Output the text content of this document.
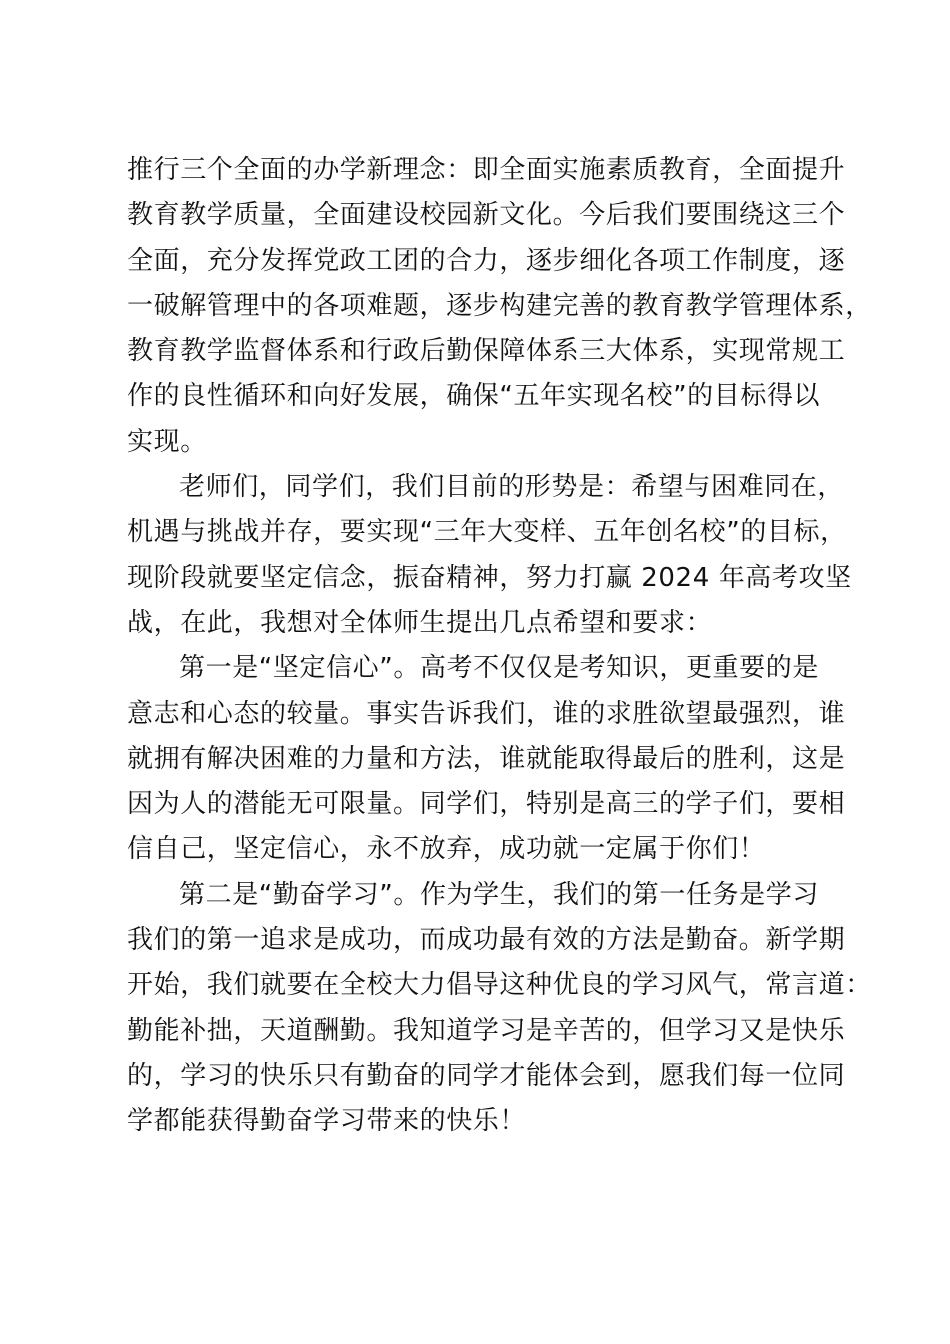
推行三个全面的办学新理念：即全面实施素质教育，全面提升
教育教学质量，全面建设校园新文化。今后我们要围绕这三个
全面，充分发挥党政工团的合力，逐步细化各项工作制度，逐
一破解管理中的各项难题，逐步构建完善的教育教学管理体系，
教育教学监督体系和行政后勤保障体系三大体系，实现常规工
作的良性循环和向好发展，确保“五年实现名校”的目标得以
实现。
老师们，同学们，我们目前的形势是：希望与困难同在，
机遇与挑战并存，要实现“三年大变样、五年创名校”的目标，
现阶段就要坚定信念，振奋精神，努力打赢 2024 年高考攻坚
战，在此，我想对全体师生提出几点希望和要求：
第一是“坚定信心”。高考不仅仅是考知识，更重要的是
意志和心态的较量。事实告诉我们，谁的求胜欲望最强烈，谁
就拥有解决困难的力量和方法，谁就能取得最后的胜利，这是
因为人的潜能无可限量。同学们，特别是高三的学子们，要相
信自己，坚定信心，永不放弃，成功就一定属于你们！
第二是“勤奋学习”。作为学生，我们的第一任务是学习
我们的第一追求是成功，而成功最有效的方法是勤奋。新学期
开始，我们就要在全校大力倡导这种优良的学习风气，常言道：
勤能补拙，天道酬勤。我知道学习是辛苦的，但学习又是快乐
的，学习的快乐只有勤奋的同学才能体会到，愿我们每一位同
学都能获得勤奋学习带来的快乐！
